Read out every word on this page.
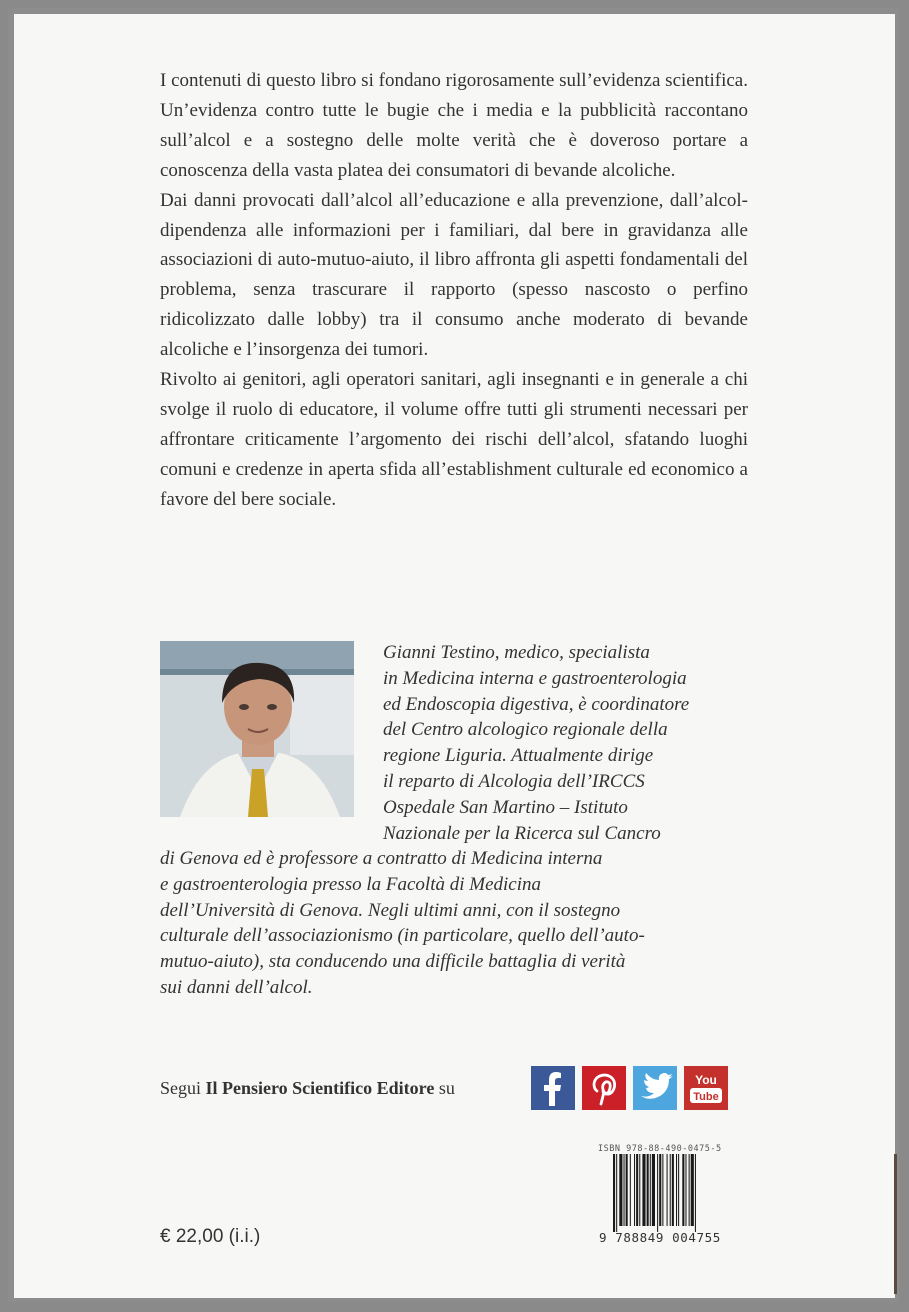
I contenuti di questo libro si fondano rigorosamente sull’evidenza scientifica. Un’evidenza contro tutte le bugie che i media e la pubblicità raccontano sull’alcol e a sostegno delle molte verità che è doveroso portare a conoscenza della vasta platea dei consumatori di bevande alcoliche.

Dai danni provocati dall’alcol all’educazione e alla prevenzione, dall’alcol-dipendenza alle informazioni per i familiari, dal bere in gravidanza alle associazioni di auto-mutuo-aiuto, il libro affronta gli aspetti fondamentali del problema, senza trascurare il rapporto (spesso nascosto o perfino ridicolizzato dalle lobby) tra il consumo anche moderato di bevande alcoliche e l’insorgenza dei tumori.

Rivolto ai genitori, agli operatori sanitari, agli insegnanti e in generale a chi svolge il ruolo di educatore, il volume offre tutti gli strumenti necessari per affrontare criticamente l’argomento dei rischi dell’alcol, sfatando luoghi comuni e credenze in aperta sfida all’establishment culturale ed economico a favore del bere sociale.

Gianni Testino, medico, specialista
in Medicina interna e gastroenterologia
ed Endoscopia digestiva, è coordinatore
del Centro alcologico regionale della
regione Liguria. Attualmente dirige
il reparto di Alcologia dell’IRCCS
Ospedale San Martino – Istituto
Nazionale per la Ricerca sul Cancro
di Genova ed è professore a contratto di Medicina interna
e gastroenterologia presso la Facoltà di Medicina
dell’Università di Genova. Negli ultimi anni, con il sostegno
culturale dell’associazionismo (in particolare, quello dell’auto-
mutuo-aiuto), sta conducendo una difficile battaglia di verità
sui danni dell’alcol.
Segui Il Pensiero Scientifico Editore su	You
Tube
ISBN 978-88-490-0475-5
9 788849 004755
€ 22,00 (i.i.)
